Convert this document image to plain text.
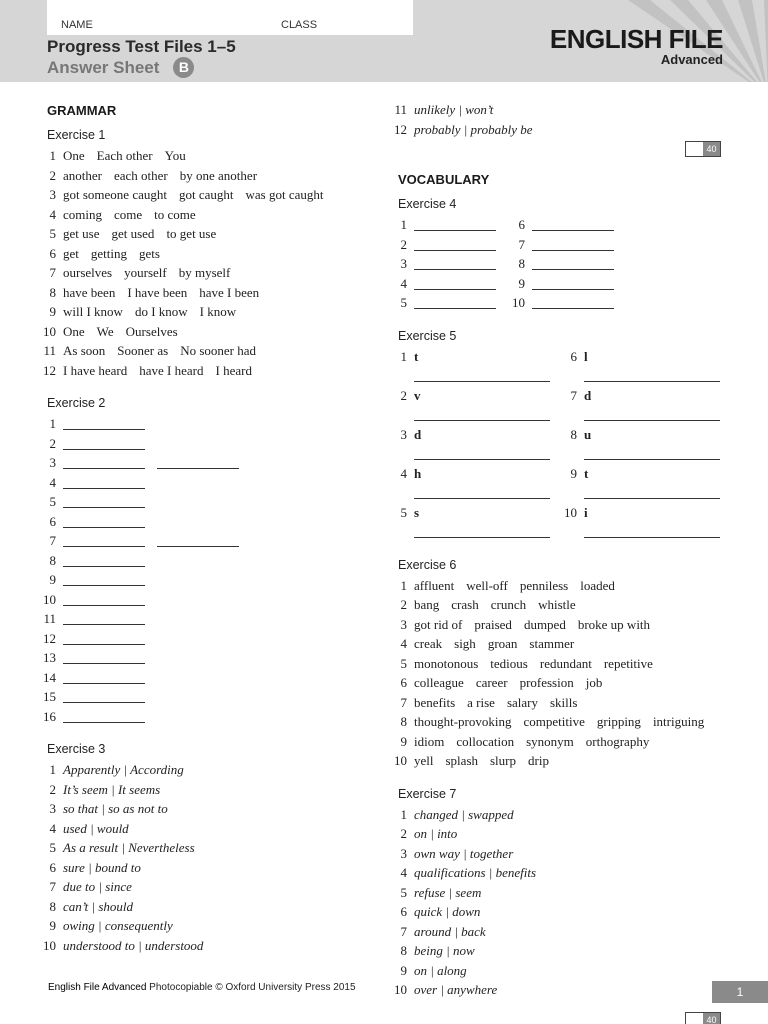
NAME	CLASS
Progress Test Files 1–5
Answer Sheet B
ENGLISH FILE
Advanced
GRAMMAR
Exercise 1
1 One Each other You
2 another each other by one another
3 got someone caught got caught was got caught
4 coming come to come
5 get use get used to get use
6 get getting gets
7 ourselves yourself by myself
8 have been I have been have I been
9 will I know do I know I know
10 One We Ourselves
11 As soon Sooner as No sooner had
12 I have heard have I heard I heard
Exercise 2
1
2
3
4
5
6
7
8
9
10
11
12
13
14
15
16
Exercise 3
1 Apparently | According
2 It’s seem | It seems
3 so that | so as not to
4 used | would
5 As a result | Nevertheless
6 sure | bound to
7 due to | since
8 can’t | should
9 owing | consequently
10 understood to | understood
11 unlikely | won’t
12 probably | probably be
40
VOCABULARY
Exercise 4
1
2
3
4
5
6
7
8
9
10
Exercise 5
1 t
2 v
3 d
4 h
5 s
6 l
7 d
8 u
9 t
10 i
Exercise 6
1 affluent well-off penniless loaded
2 bang crash crunch whistle
3 got rid of praised dumped broke up with
4 creak sigh groan stammer
5 monotonous tedious redundant repetitive
6 colleague career profession job
7 benefits a rise salary skills
8 thought-provoking competitive gripping intriguing
9 idiom collocation synonym orthography
10 yell splash slurp drip
Exercise 7
1 changed | swapped
2 on | into
3 own way | together
4 qualifications | benefits
5 refuse | seem
6 quick | down
7 around | back
8 being | now
9 on | along
10 over | anywhere
40
English File Advanced Photocopiable © Oxford University Press 2015	1
